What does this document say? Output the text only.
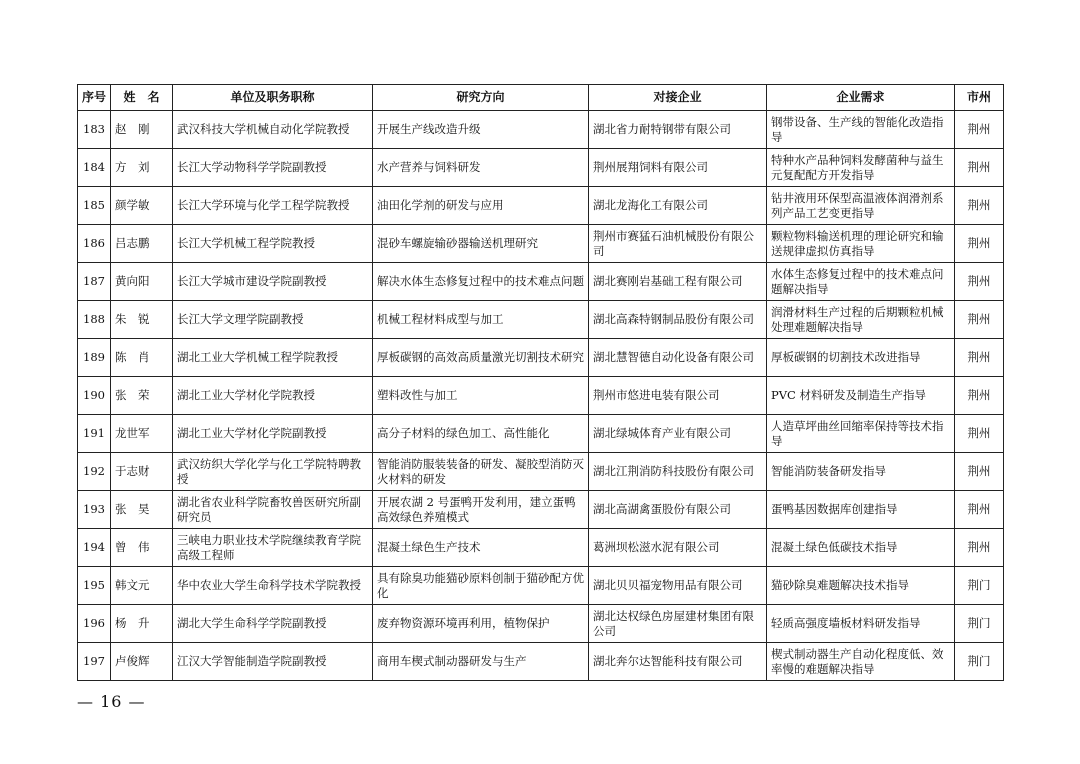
序号	姓　名	单位及职务职称	研究方向	对接企业	企业需求	市州
183	赵　刚	武汉科技大学机械自动化学院教授	开展生产线改造升级	湖北省力耐特钢带有限公司	钢带设备、生产线的智能化改造指导	荆州
184	方　刘	长江大学动物科学学院副教授	水产营养与饲料研发	荆州展翔饲料有限公司	特种水产品种饲料发酵菌种与益生元复配配方开发指导	荆州
185	颜学敏	长江大学环境与化学工程学院教授	油田化学剂的研发与应用	湖北龙海化工有限公司	钻井液用环保型高温液体润滑剂系列产品工艺变更指导	荆州
186	吕志鹏	长江大学机械工程学院教授	混砂车螺旋输砂器输送机理研究	荆州市赛猛石油机械股份有限公司	颗粒物料输送机理的理论研究和输送规律虚拟仿真指导	荆州
187	黄向阳	长江大学城市建设学院副教授	解决水体生态修复过程中的技术难点问题	湖北赛刚岩基础工程有限公司	水体生态修复过程中的技术难点问题解决指导	荆州
188	朱　锐	长江大学文理学院副教授	机械工程材料成型与加工	湖北高森特钢制品股份有限公司	润滑材料生产过程的后期颗粒机械处理难题解决指导	荆州
189	陈　肖	湖北工业大学机械工程学院教授	厚板碳钢的高效高质量激光切割技术研究	湖北慧智德自动化设备有限公司	厚板碳钢的切割技术改进指导	荆州
190	张　荣	湖北工业大学材化学院教授	塑料改性与加工	荆州市悠进电装有限公司	PVC 材料研发及制造生产指导	荆州
191	龙世军	湖北工业大学材化学院副教授	高分子材料的绿色加工、高性能化	湖北绿城体育产业有限公司	人造草坪曲丝回缩率保持等技术指导	荆州
192	于志财	武汉纺织大学化学与化工学院特聘教授	智能消防服装装备的研发、凝胶型消防灭火材料的研发	湖北江荆消防科技股份有限公司	智能消防装备研发指导	荆州
193	张　昊	湖北省农业科学院畜牧兽医研究所副研究员	开展农湖 2 号蛋鸭开发利用，建立蛋鸭高效绿色养殖模式	湖北高湖禽蛋股份有限公司	蛋鸭基因数据库创建指导	荆州
194	曾　伟	三峡电力职业技术学院继续教育学院高级工程师	混凝土绿色生产技术	葛洲坝松滋水泥有限公司	混凝土绿色低碳技术指导	荆州
195	韩文元	华中农业大学生命科学技术学院教授	具有除臭功能猫砂原料创制于猫砂配方优化	湖北贝贝福宠物用品有限公司	猫砂除臭难题解决技术指导	荆门
196	杨　升	湖北大学生命科学学院副教授	废弃物资源环境再利用，植物保护	湖北达权绿色房屋建材集团有限公司	轻质高强度墙板材料研发指导	荆门
197	卢俊辉	江汉大学智能制造学院副教授	商用车楔式制动器研发与生产	湖北奔尔达智能科技有限公司	楔式制动器生产自动化程度低、效率慢的难题解决指导	荆门
— 16 —
